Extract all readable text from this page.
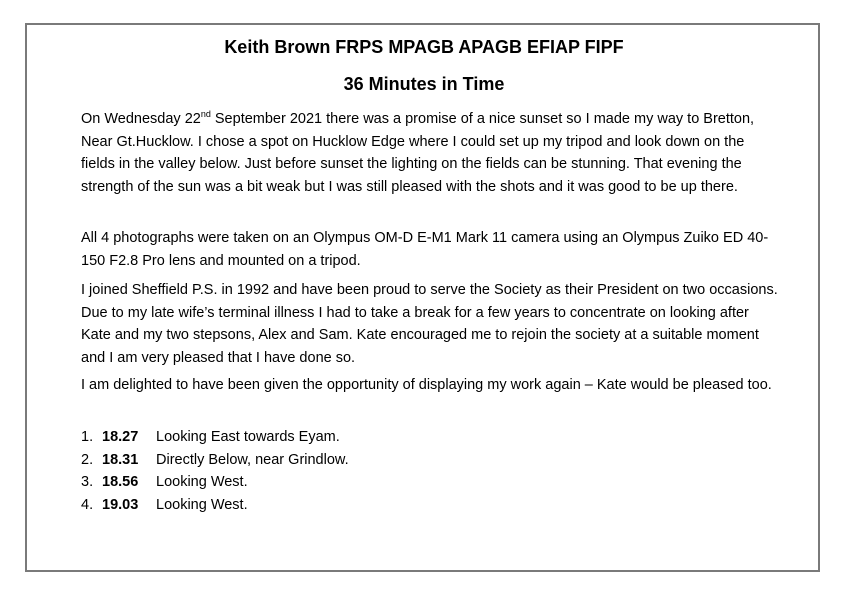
Keith Brown FRPS MPAGB APAGB EFIAP FIPF
36 Minutes in Time

On Wednesday 22nd September 2021 there was a promise of a nice sunset so I made my way to Bretton, Near Gt.Hucklow. I chose a spot on Hucklow Edge where I could set up my tripod and look down on the fields in the valley below. Just before sunset the lighting on the fields can be stunning. That evening the strength of the sun was a bit weak but I was still pleased with the shots and it was good to be up there.

All 4 photographs were taken on an Olympus OM-D E-M1 Mark 11 camera using an Olympus Zuiko ED 40-150 F2.8 Pro lens and mounted on a tripod.

I joined Sheffield P.S. in 1992 and have been proud to serve the Society as their President on two occasions. Due to my late wife’s terminal illness I had to take a break for a few years to concentrate on looking after Kate and my two stepsons, Alex and Sam. Kate encouraged me to rejoin the society at a suitable moment and I am very pleased that I have done so.

I am delighted to have been given the opportunity of displaying my work again – Kate would be pleased too.

1. 18.27 Looking East towards Eyam.
2. 18.31 Directly Below, near Grindlow.
3. 18.56 Looking West.
4. 19.03 Looking West.
